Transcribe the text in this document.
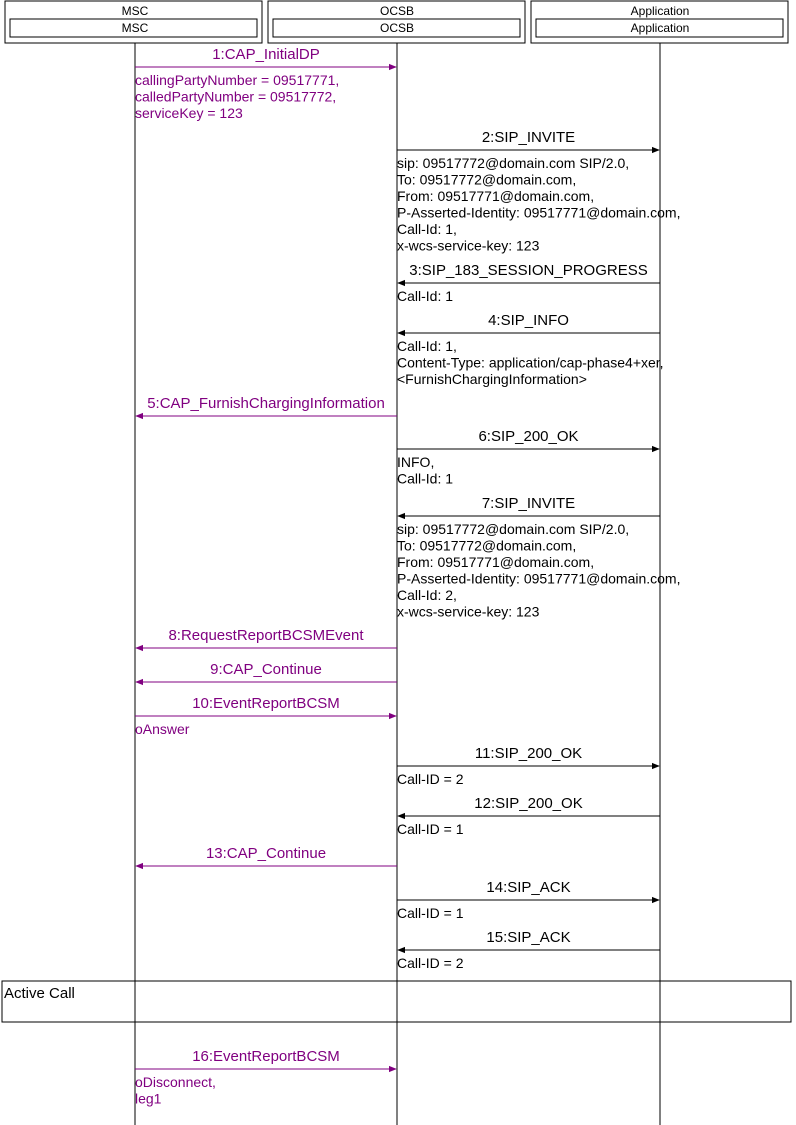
Active Call
MSC
MSC
OCSB
OCSB
Application
Application
1:CAP_InitialDP
callingPartyNumber = 09517771,
calledPartyNumber = 09517772,
serviceKey = 123
2:SIP_INVITE
sip: 09517772@domain.com SIP/2.0,
To: 09517772@domain.com,
From: 09517771@domain.com,
P-Asserted-Identity: 09517771@domain.com,
Call-Id: 1,
x-wcs-service-key: 123
3:SIP_183_SESSION_PROGRESS
Call-Id: 1
4:SIP_INFO
Call-Id: 1,
Content-Type: application/cap-phase4+xer,
<FurnishChargingInformation>
5:CAP_FurnishChargingInformation
6:SIP_200_OK
INFO,
Call-Id: 1
7:SIP_INVITE
sip: 09517772@domain.com SIP/2.0,
To: 09517772@domain.com,
From: 09517771@domain.com,
P-Asserted-Identity: 09517771@domain.com,
Call-Id: 2,
x-wcs-service-key: 123
8:RequestReportBCSMEvent
9:CAP_Continue
10:EventReportBCSM
oAnswer
11:SIP_200_OK
Call-ID = 2
12:SIP_200_OK
Call-ID = 1
13:CAP_Continue
14:SIP_ACK
Call-ID = 1
15:SIP_ACK
Call-ID = 2
16:EventReportBCSM
oDisconnect,
leg1
